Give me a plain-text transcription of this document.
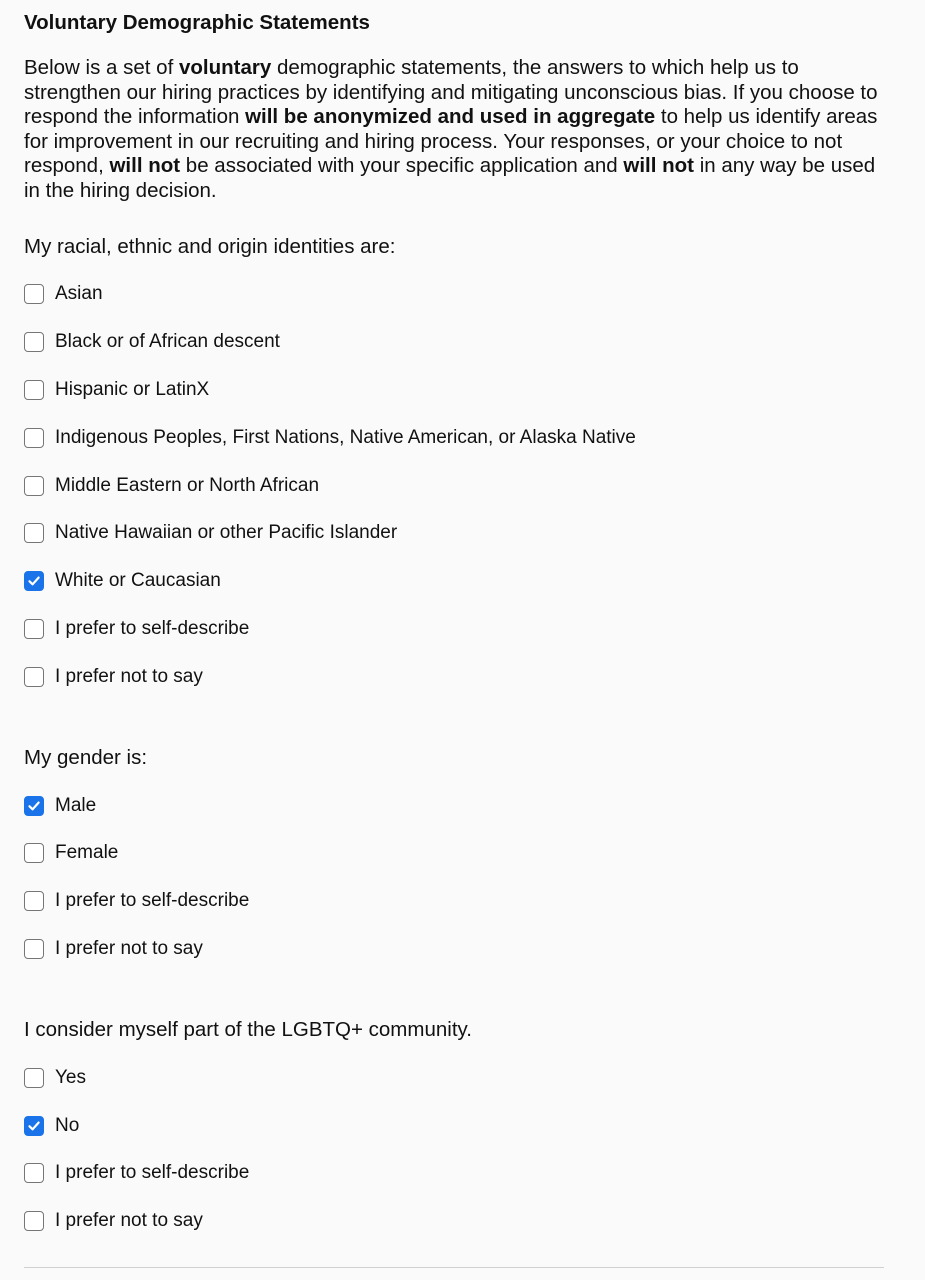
Voluntary Demographic Statements

Below is a set of voluntary demographic statements, the answers to which help us to strengthen our hiring practices by identifying and mitigating unconscious bias. If you choose to respond the information will be anonymized and used in aggregate to help us identify areas for improvement in our recruiting and hiring process. Your responses, or your choice to not respond, will not be associated with your specific application and will not in any way be used in the hiring decision.

My racial, ethnic and origin identities are:

Asian
Black or of African descent
Hispanic or LatinX
Indigenous Peoples, First Nations, Native American, or Alaska Native
Middle Eastern or North African
Native Hawaiian or other Pacific Islander
White or Caucasian
I prefer to self-describe
I prefer not to say

My gender is:

Male
Female
I prefer to self-describe
I prefer not to say

I consider myself part of the LGBTQ+ community.

Yes
No
I prefer to self-describe
I prefer not to say
